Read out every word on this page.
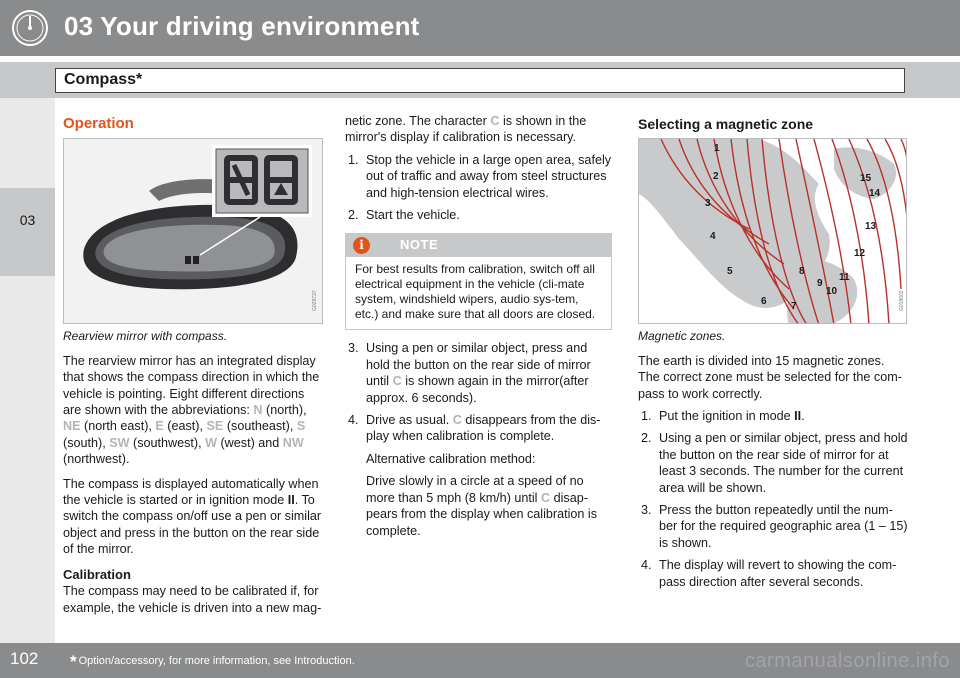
03 Your driving environment
Compass*
03
Operation
G029737
Rearview mirror with compass.

The rearview mirror has an integrated display that shows the compass direction in which the vehicle is pointing. Eight different directions are shown with the abbreviations: N (north), NE (north east), E (east), SE (southeast), S (south), SW (southwest), W (west) and NW (northwest).

The compass is displayed automatically when the vehicle is started or in ignition mode II. To switch the compass on/off use a pen or similar object and press in the button on the rear side of the mirror.

Calibration
The compass may need to be calibrated if, for example, the vehicle is driven into a new mag-
netic zone. The character C is shown in the mirror's display if calibration is necessary.
1. Stop the vehicle in a large open area, safely out of traffic and away from steel structures and high-tension electrical wires.
2. Start the vehicle.
i	NOTE
For best results from calibration, switch off all electrical equipment in the vehicle (cli-mate system, windshield wipers, audio sys-tem, etc.) and make sure that all doors are closed.
3. Using a pen or similar object, press and hold the button on the rear side of mirror until C is shown again in the mirror(after approx. 6 seconds).
4. Drive as usual. C disappears from the dis-play when calibration is complete.
Alternative calibration method:
Drive slowly in a circle at a speed of no more than 5 mph (8 km/h) until C disap-pears from the display when calibration is complete.
Selecting a magnetic zone
1
2
3
4
5
6 7
8
9
10
11
12
13
14
15
G018602
Magnetic zones.

The earth is divided into 15 magnetic zones. The correct zone must be selected for the com-pass to work correctly.

1. Put the ignition in mode II.
2. Using a pen or similar object, press and hold the button on the rear side of mirror for at least 3 seconds. The number for the current area will be shown.
3. Press the button repeatedly until the num-ber for the required geographic area (1 – 15) is shown.
4. The display will revert to showing the com-pass direction after several seconds.
102 * Option/accessory, for more information, see Introduction.	carmanualsonline.info
